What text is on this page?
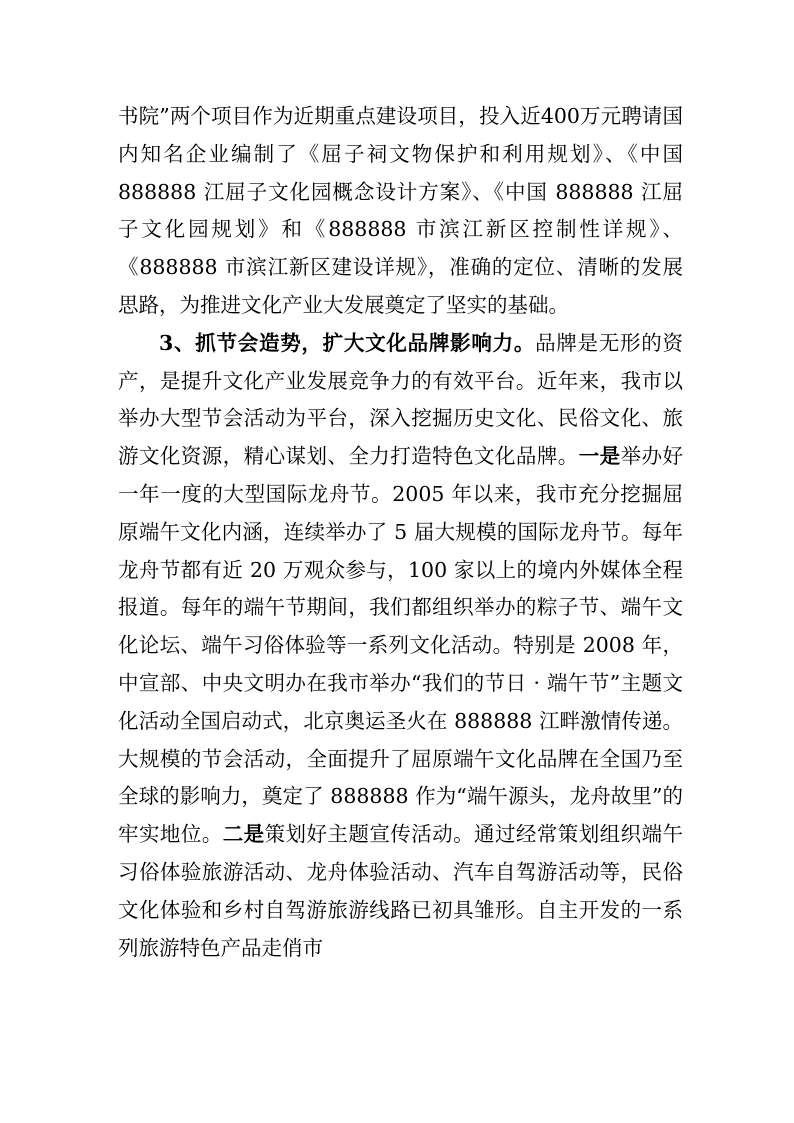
书院”两个项目作为近期重点建设项目，投入近400万元聘请国内知名企业编制了《屈子祠文物保护和利用规划》、《中国 888888 江屈子文化园概念设计方案》、《中国 888888 江屈子文化园规划》和《888888 市滨江新区控制性详规》、《888888 市滨江新区建设详规》，准确的定位、清晰的发展思路，为推进文化产业大发展奠定了坚实的基础。

3、抓节会造势，扩大文化品牌影响力。品牌是无形的资产，是提升文化产业发展竞争力的有效平台。近年来，我市以举办大型节会活动为平台，深入挖掘历史文化、民俗文化、旅游文化资源，精心谋划、全力打造特色文化品牌。一是举办好一年一度的大型国际龙舟节。2005 年以来，我市充分挖掘屈原端午文化内涵，连续举办了 5 届大规模的国际龙舟节。每年龙舟节都有近 20 万观众参与，100 家以上的境内外媒体全程报道。每年的端午节期间，我们都组织举办的粽子节、端午文化论坛、端午习俗体验等一系列文化活动。特别是 2008 年，中宣部、中央文明办在我市举办“我们的节日 · 端午节”主题文化活动全国启动式，北京奥运圣火在 888888 江畔激情传递。大规模的节会活动，全面提升了屈原端午文化品牌在全国乃至全球的影响力，奠定了 888888 作为“端午源头，龙舟故里”的牢实地位。二是策划好主题宣传活动。通过经常策划组织端午习俗体验旅游活动、龙舟体验活动、汽车自驾游活动等，民俗文化体验和乡村自驾游旅游线路已初具雏形。自主开发的一系列旅游特色产品走俏市
